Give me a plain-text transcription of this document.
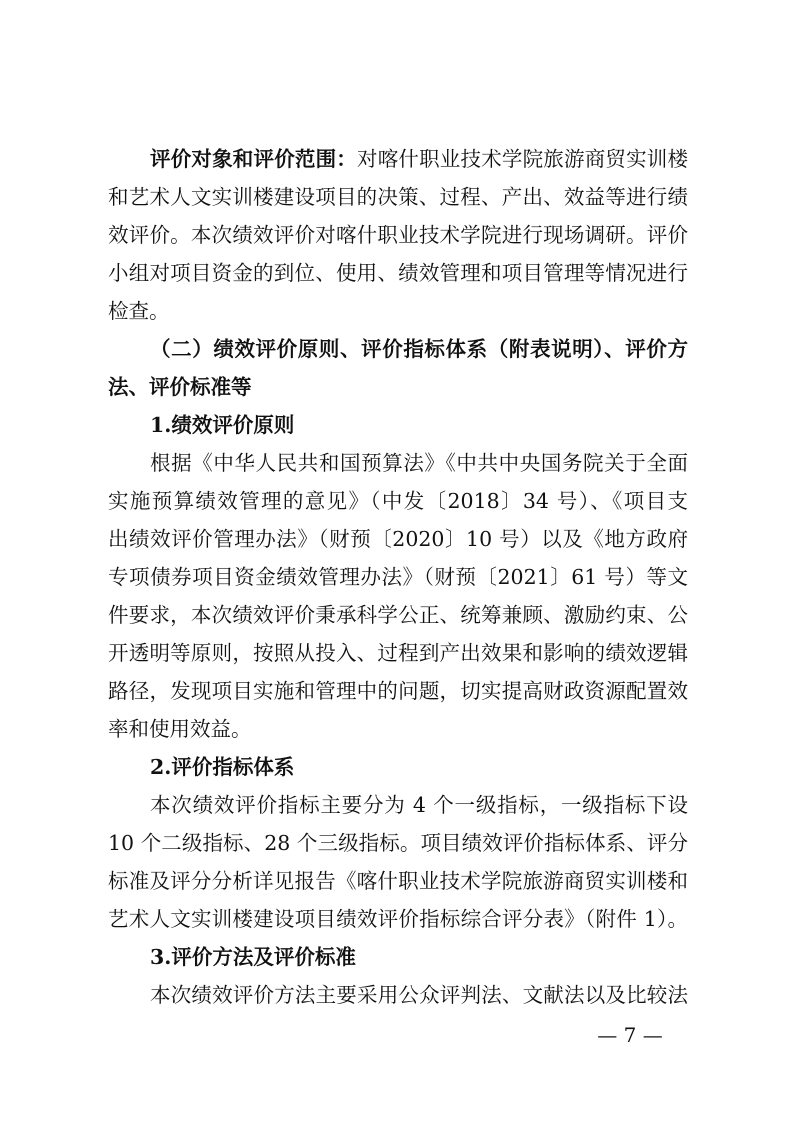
评价对象和评价范围：对喀什职业技术学院旅游商贸实训楼
和艺术人文实训楼建设项目的决策、过程、产出、效益等进行绩
效评价。本次绩效评价对喀什职业技术学院进行现场调研。评价
小组对项目资金的到位、使用、绩效管理和项目管理等情况进行
检查。
（二）绩效评价原则、评价指标体系（附表说明）、评价方
法、评价标准等
1.绩效评价原则
根据《中华人民共和国预算法》《中共中央国务院关于全面
实施预算绩效管理的意见》（中发〔2018〕34 号）、《项目支
出绩效评价管理办法》（财预〔2020〕10 号）以及《地方政府
专项债券项目资金绩效管理办法》（财预〔2021〕61 号）等文
件要求，本次绩效评价秉承科学公正、统筹兼顾、激励约束、公
开透明等原则，按照从投入、过程到产出效果和影响的绩效逻辑
路径，发现项目实施和管理中的问题，切实提高财政资源配置效
率和使用效益。
2.评价指标体系
本次绩效评价指标主要分为 4 个一级指标，一级指标下设
10 个二级指标、28 个三级指标。项目绩效评价指标体系、评分
标准及评分分析详见报告《喀什职业技术学院旅游商贸实训楼和
艺术人文实训楼建设项目绩效评价指标综合评分表》（附件 1）。
3.评价方法及评价标准
本次绩效评价方法主要采用公众评判法、文献法以及比较法
— 7 —
